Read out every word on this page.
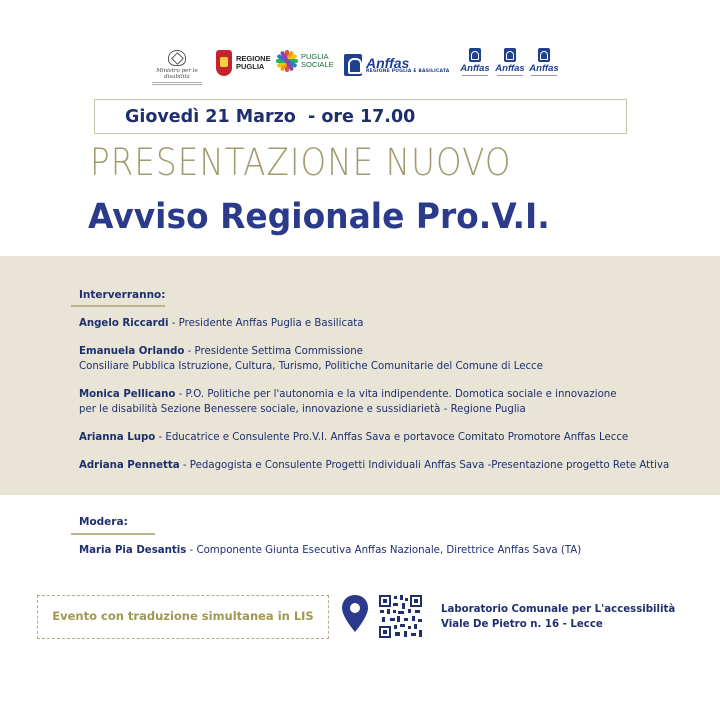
Ministro per le disabilità
REGIONE
PUGLIA
PUGLIA
SOCIALE Anffas
REGIONE PUGLIA E BASILICATA Anffas Anffas Anffas
Giovedì 21 Marzo  - ore 17.00
PRESENTAZIONE NUOVO
Avviso Regionale Pro.V.I.
Interverranno:
Angelo Riccardi - Presidente Anffas Puglia e Basilicata
Emanuela Orlando - Presidente Settima Commissione
Consiliare Pubblica Istruzione, Cultura, Turismo, Politiche Comunitarie del Comune di Lecce
Monica Pellicano - P.O. Politiche per l'autonomia e la vita indipendente. Domotica sociale e innovazione
per le disabilità Sezione Benessere sociale, innovazione e sussidiarietà - Regione Puglia
Arianna Lupo - Educatrice e Consulente Pro.V.I. Anffas Sava e portavoce Comitato Promotore Anffas Lecce
Adriana Pennetta - Pedagogista e Consulente Progetti Individuali Anffas Sava -Presentazione progetto Rete Attiva
Modera:
Maria Pia Desantis - Componente Giunta Esecutiva Anffas Nazionale, Direttrice Anffas Sava (TA)
Evento con traduzione simultanea in LIS	Laboratorio Comunale per L'accessibilità
Viale De Pietro n. 16 - Lecce
